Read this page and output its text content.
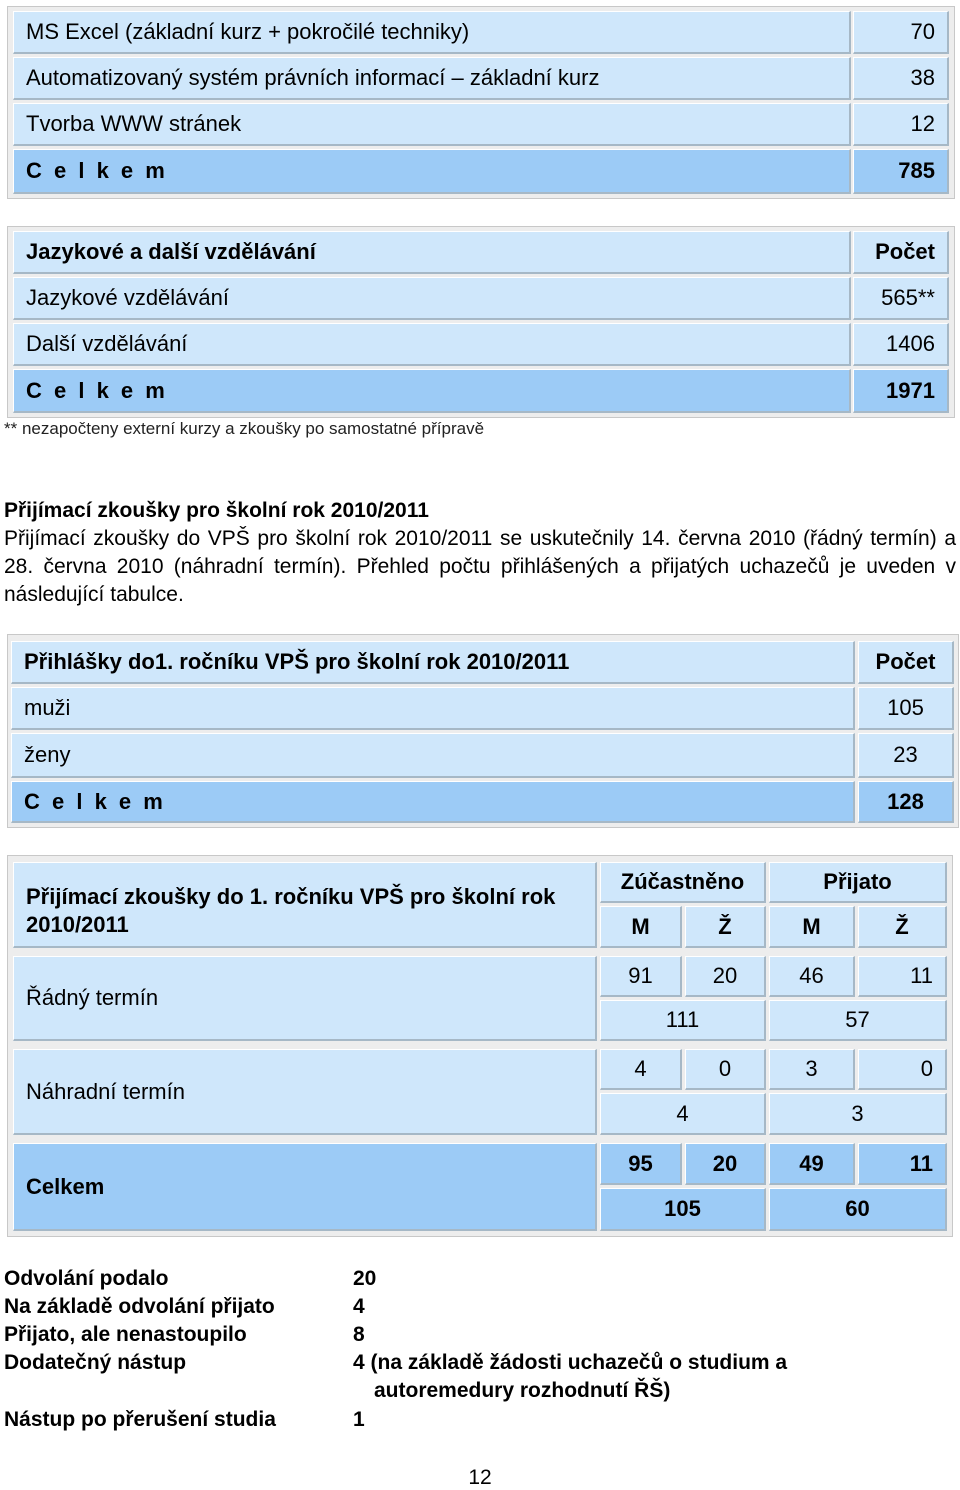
MS Excel (základní kurz + pokročilé techniky)	70
Automatizovaný systém právních informací – základní kurz	38
Tvorba WWW stránek	12
C e l k e m	785
Jazykové a další vzdělávání	Počet
Jazykové vzdělávání	565**
Další vzdělávání	1406
C e l k e m	1971
** nezapočteny externí kurzy a zkoušky po samostatné přípravě
Přijímací zkoušky pro školní rok 2010/2011
Přijímací zkoušky do VPŠ pro školní rok 2010/2011 se uskutečnily 14. června 2010 (řádný termín) a 28. června 2010 (náhradní termín). Přehled počtu přihlášených a přijatých uchazečů je uveden v následující tabulce.
Přihlášky do1. ročníku VPŠ pro školní rok 2010/2011	Počet
muži	105
ženy	23
C e l k e m	128
Přijímací zkoušky do 1. ročníku VPŠ pro školní rok 2010/2011
Zúčastněno	Přijato
M	Ž	M	Ž
Řádný termín
91	20	46	11
111	57
Náhradní termín
4	0	3	0
4	3
Celkem
95	20	49	11
105	60
Odvolání podalo	20
Na základě odvolání přijato	4
Přijato, ale nenastoupilo	8
Dodatečný nástup	4 (na základě žádosti uchazečů o studium a autoremedury rozhodnutí ŘŠ)
Nástup po přerušení studia	1
12
